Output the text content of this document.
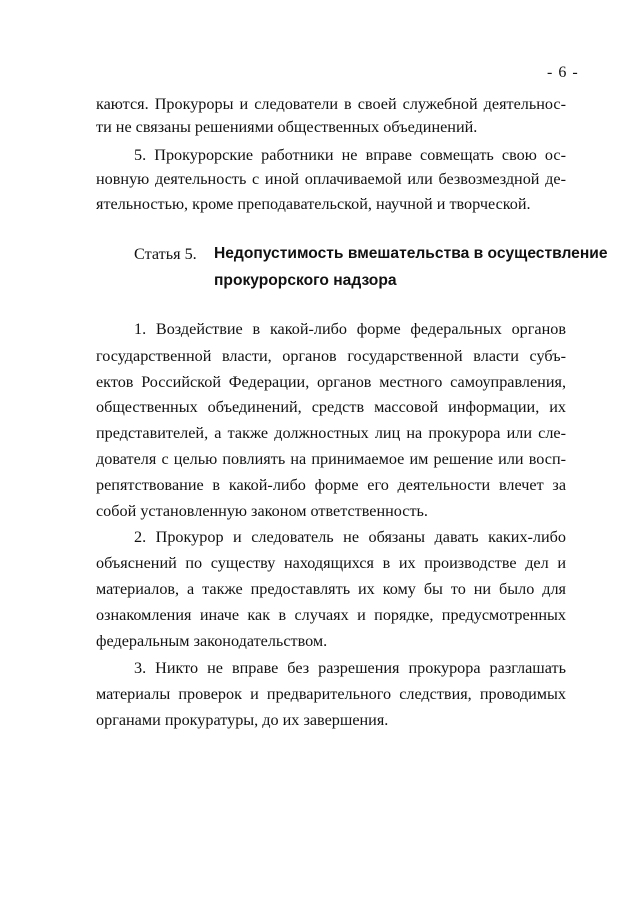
- 6 -
каются. Прокуроры и следователи в своей служебной деятельнос-
ти не связаны решениями общественных объединений.
5. Прокурорские работники не вправе совмещать свою ос-
новную деятельность с иной оплачиваемой или безвозмездной де-
ятельностью, кроме преподавательской, научной и творческой.
Статья 5. Недопустимость вмешательства в осуществление
прокурорского надзора
1. Воздействие в какой-либо форме федеральных органов
государственной власти, органов государственной власти субъ-
ектов Российской Федерации, органов местного самоуправления,
общественных объединений, средств массовой информации, их
представителей, а также должностных лиц на прокурора или сле-
дователя с целью повлиять на принимаемое им решение или восп-
репятствование в какой-либо форме его деятельности влечет за
собой установленную законом ответственность.
2. Прокурор и следователь не обязаны давать каких-либо
объяснений по существу находящихся в их производстве дел и
материалов, а также предоставлять их кому бы то ни было для
ознакомления иначе как в случаях и порядке, предусмотренных
федеральным законодательством.
3. Никто не вправе без разрешения прокурора разглашать
материалы проверок и предварительного следствия, проводимых
органами прокуратуры, до их завершения.
